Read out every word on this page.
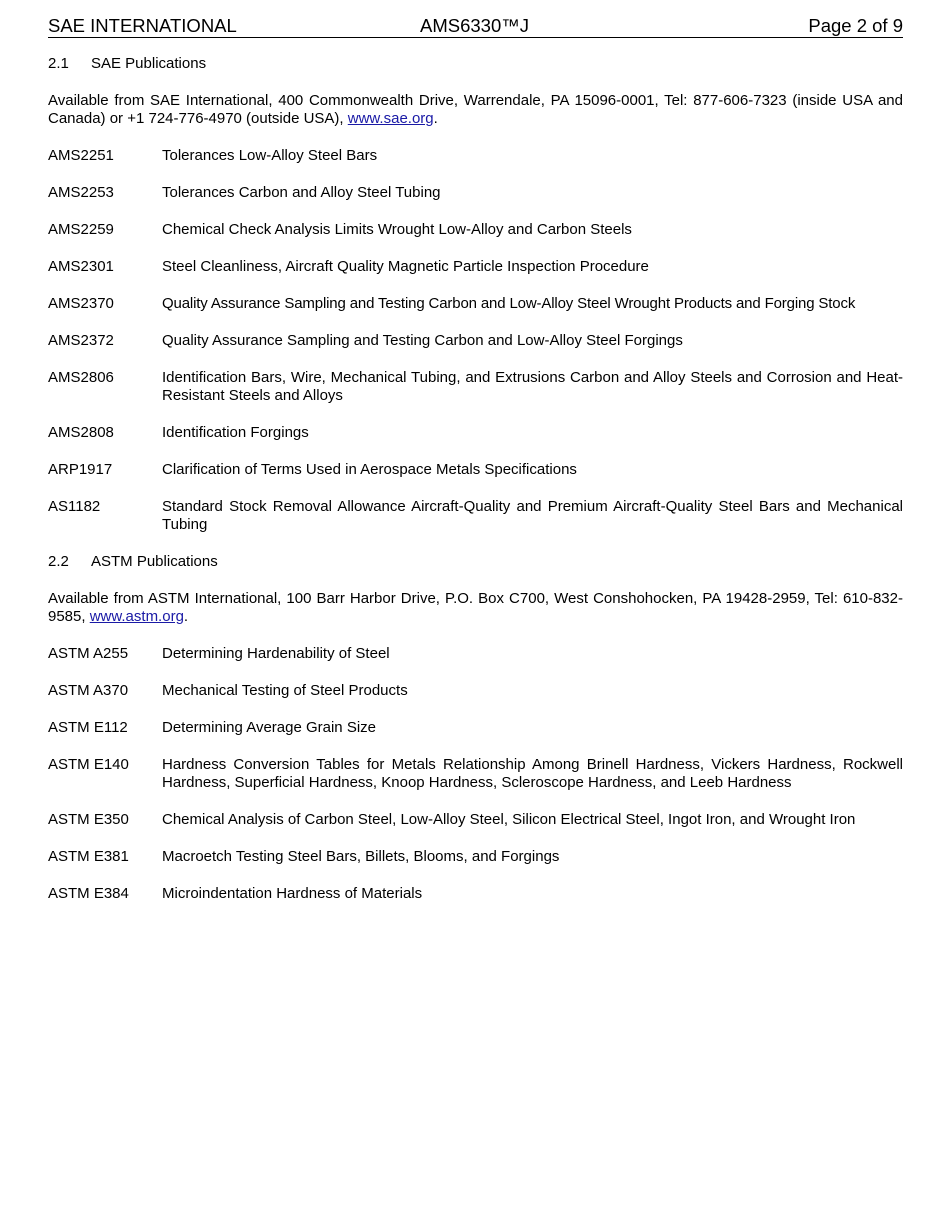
SAE INTERNATIONAL	AMS6330™J	Page 2 of 9
2.1 SAE Publications

Available from SAE International, 400 Commonwealth Drive, Warrendale, PA 15096-0001, Tel: 877-606-7323 (inside USA and Canada) or +1 724-776-4970 (outside USA), www.sae.org.

AMS2251	Tolerances Low-Alloy Steel Bars
AMS2253	Tolerances Carbon and Alloy Steel Tubing
AMS2259	Chemical Check Analysis Limits Wrought Low-Alloy and Carbon Steels
AMS2301	Steel Cleanliness, Aircraft Quality Magnetic Particle Inspection Procedure
AMS2370	Quality Assurance Sampling and Testing Carbon and Low-Alloy Steel Wrought Products and Forging Stock
AMS2372	Quality Assurance Sampling and Testing Carbon and Low-Alloy Steel Forgings
AMS2806	Identification Bars, Wire, Mechanical Tubing, and Extrusions Carbon and Alloy Steels and Corrosion and Heat-Resistant Steels and Alloys
AMS2808	Identification Forgings
ARP1917	Clarification of Terms Used in Aerospace Metals Specifications
AS1182	Standard Stock Removal Allowance Aircraft-Quality and Premium Aircraft-Quality Steel Bars and Mechanical Tubing
2.2 ASTM Publications

Available from ASTM International, 100 Barr Harbor Drive, P.O. Box C700, West Conshohocken, PA 19428-2959, Tel: 610-832-9585, www.astm.org.

ASTM A255	Determining Hardenability of Steel
ASTM A370	Mechanical Testing of Steel Products
ASTM E112	Determining Average Grain Size
ASTM E140	Hardness Conversion Tables for Metals Relationship Among Brinell Hardness, Vickers Hardness, Rockwell Hardness, Superficial Hardness, Knoop Hardness, Scleroscope Hardness, and Leeb Hardness
ASTM E350	Chemical Analysis of Carbon Steel, Low-Alloy Steel, Silicon Electrical Steel, Ingot Iron, and Wrought Iron
ASTM E381	Macroetch Testing Steel Bars, Billets, Blooms, and Forgings
ASTM E384	Microindentation Hardness of Materials
